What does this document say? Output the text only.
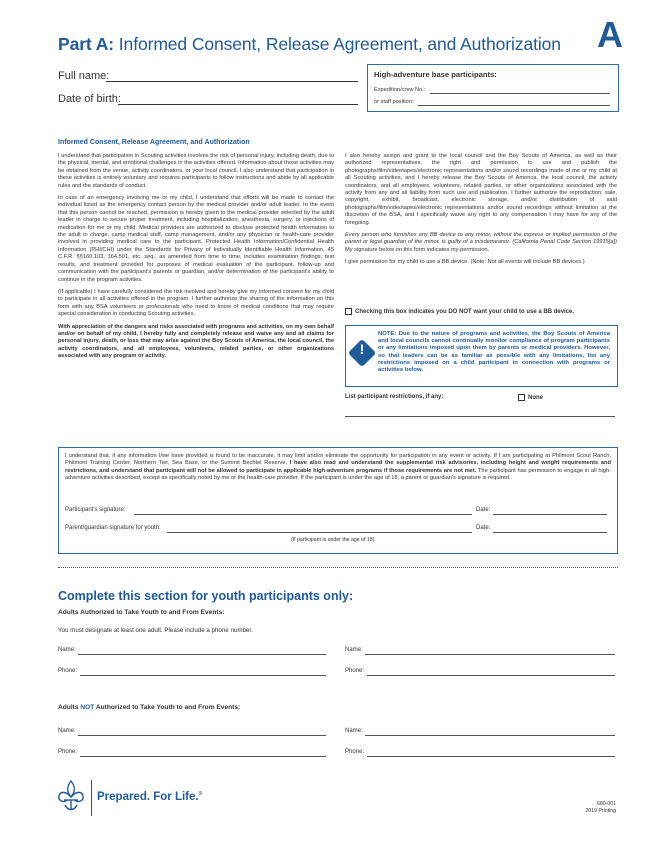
Part A: Informed Consent, Release Agreement, and Authorization A
Full name:
Date of birth:
High-adventure base participants:
Expedition/crew No.:
or staff position:
Informed Consent, Release Agreement, and Authorization

I understand that participation in Scouting activities involves the risk of personal injury, including death, due to the physical, mental, and emotional challenges in the activities offered. Information about those activities may be obtained from the venue, activity coordinators, or your local council. I also understand that participation in these activities is entirely voluntary and requires participants to follow instructions and abide by all applicable rules and the standards of conduct.

In case of an emergency involving me or my child, I understand that efforts will be made to contact the individual listed as the emergency contact person by the medical provider and/or adult leader. In the event that this person cannot be reached, permission is hereby given to the medical provider selected by the adult leader in charge to secure proper treatment, including hospitalization, anesthesia, surgery, or injections of medication for me or my child. Medical providers are authorized to disclose protected health information to the adult in charge, camp medical staff, camp management, and/or any physician or health-care provider involved in providing medical care to the participant. Protected Health Information/Confidential Health Information (PHI/CHI) under the Standards for Privacy of Individually Identifiable Health Information, 45 C.F.R. §§160.103, 164.501, etc. seq., as amended from time to time, includes examination findings, test results, and treatment provided for purposes of medical evaluation of the participant, follow-up and communication with the participant's parents or guardian, and/or determination of the participant's ability to continue in the program activities.

(If applicable) I have carefully considered the risk involved and hereby give my informed consent for my child to participate in all activities offered in the program. I further authorize the sharing of the information on this form with any BSA volunteers or professionals who need to know of medical conditions that may require special consideration in conducting Scouting activities.

With appreciation of the dangers and risks associated with programs and activities, on my own behalf and/or on behalf of my child, I hereby fully and completely release and waive any and all claims for personal injury, death, or loss that may arise against the Boy Scouts of America, the local council, the activity coordinators, and all employees, volunteers, related parties, or other organizations associated with any program or activity.

I also hereby assign and grant to the local council and the Boy Scouts of America, as well as their authorized representatives, the right and permission to use and publish the photographs/film/videotapes/electronic representations and/or sound recordings made of me or my child at all Scouting activities, and I hereby release the Boy Scouts of America, the local council, the activity coordinators, and all employees, volunteers, related parties, or other organizations associated with the activity from any and all liability from such use and publication. I further authorize the reproduction, sale, copyright, exhibit, broadcast, electronic storage, and/or distribution of said photographs/film/videotapes/electronic representations and/or sound recordings without limitation at the discretion of the BSA, and I specifically waive any right to any compensation I may have for any of the foregoing.

Every person who furnishes any BB device to any minor, without the express or implied permission of the parent or legal guardian of the minor, is guilty of a misdemeanor. (California Penal Code Section 19915[a]) My signature below on this form indicates my permission.

I give permission for my child to use a BB device. (Note: Not all events will include BB devices.)

Checking this box indicates you DO NOT want your child to use a BB device.
!
NOTE: Due to the nature of programs and activities, the Boy Scouts of America and local councils cannot continually monitor compliance of program participants or any limitations imposed upon them by parents or medical providers. However, so that leaders can be as familiar as possible with any limitations, list any restrictions imposed on a child participant in connection with programs or activities below.
List participant restrictions, if any:	None
I understand that, if any information I/we have provided is found to be inaccurate, it may limit and/or eliminate the opportunity for participation in any event or activity. If I am participating at Philmont Scout Ranch, Philmont Training Center, Northern Tier, Sea Base, or the Summit Bechtel Reserve, I have also read and understand the supplemental risk advisories, including height and weight requirements and restrictions, and understand that participant will not be allowed to participate in applicable high-adventure programs if those requirements are not met. The participant has permission to engage in all high-adventure activities described, except as specifically noted by me or the health-care provider. If the participant is under the age of 18, a parent or guardian's signature is required.
Participant's signature:	Date:
Parent/guardian signature for youth:	Date:
(If participant is under the age of 18)
Complete this section for youth participants only:
Adults Authorized to Take Youth to and From Events:
You must designate at least one adult. Please include a phone number.
Name:	Name:
Phone:	Phone:
Adults NOT Authorized to Take Youth to and From Events:
Name:	Name:
Phone:	Phone:
Prepared. For Life.®
680-001
2019 Printing
